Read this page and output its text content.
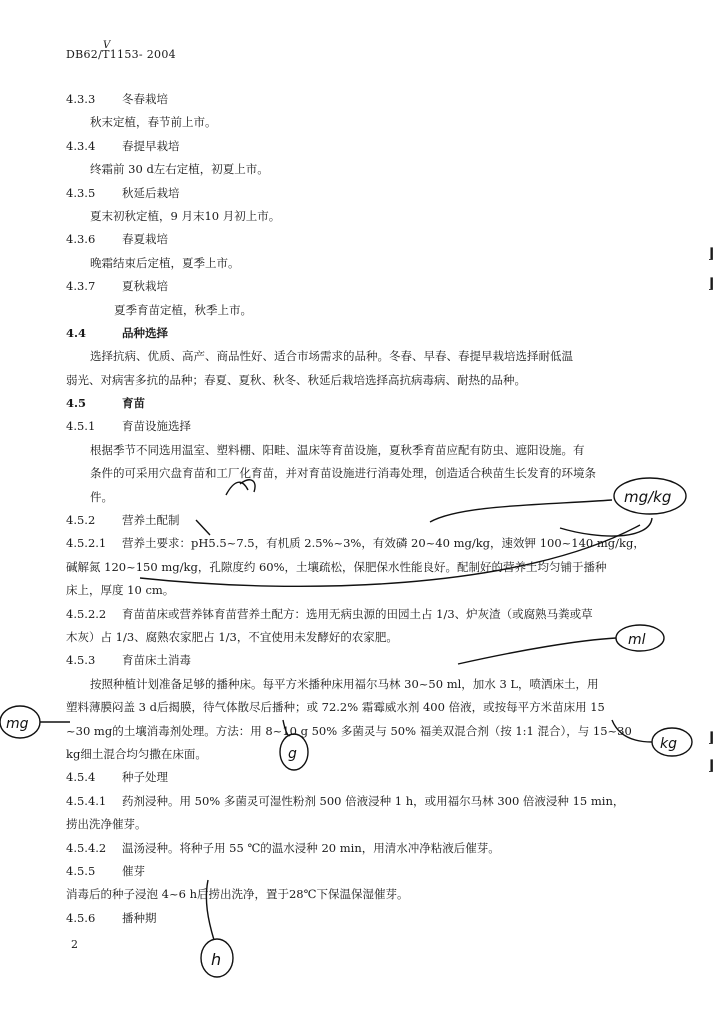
DB62/T1153- 2004
V
4.3.3 冬春栽培
秋末定植，春节前上市。
4.3.4 春提早栽培
终霜前 30 d左右定植，初夏上市。
4.3.5 秋延后栽培
夏末初秋定植，9 月末10 月初上市。
4.3.6 春夏栽培
晚霜结束后定植，夏季上市。
4.3.7 夏秋栽培
夏季育苗定植，秋季上市。
4.4	品种选择
选择抗病、优质、高产、商品性好、适合市场需求的品种。冬春、早春、春提早栽培选择耐低温
弱光、对病害多抗的品种；春夏、夏秋、秋冬、秋延后栽培选择高抗病毒病、耐热的品种。
4.5	育苗
4.5.1 育苗设施选择
根据季节不同选用温室、塑料棚、阳畦、温床等育苗设施，夏秋季育苗应配有防虫、遮阳设施。有
条件的可采用穴盘育苗和工厂化育苗，并对育苗设施进行消毒处理，创造适合秧苗生长发育的环境条
件。
4.5.2 营养土配制
4.5.2.1 营养土要求：pH5.5~7.5，有机质 2.5%~3%，有效磷 20~40 mg/kg，速效钾 100~140 mg/kg，
碱解氮 120~150 mg/kg，孔隙度约 60%，土壤疏松，保肥保水性能良好。配制好的营养土均匀铺于播种
床上，厚度 10 cm。
4.5.2.2 育苗苗床或营养钵育苗营养土配方：选用无病虫源的田园土占 1/3、炉灰渣（或腐熟马粪或草
木灰）占 1/3、腐熟农家肥占 1/3，不宜使用未发酵好的农家肥。
4.5.3 育苗床土消毒
按照种植计划准备足够的播种床。每平方米播种床用福尔马林 30~50 ml，加水 3 L，喷洒床土，用
塑料薄膜闷盖 3 d后揭膜，待气体散尽后播种；或 72.2% 霜霉威水剂 400 倍液，或按每平方米苗床用 15
~30 mg的土壤消毒剂处理。方法：用 8~10 g 50% 多菌灵与 50% 福美双混合剂（按 1:1 混合），与 15~30
kg细土混合均匀撒在床面。
4.5.4 种子处理
4.5.4.1 药剂浸种。用 50% 多菌灵可湿性粉剂 500 倍液浸种 1 h，或用福尔马林 300 倍液浸种 15 min，
捞出洗净催芽。
4.5.4.2 温汤浸种。将种子用 55 ℃的温水浸种 20 min，用清水冲净粘液后催芽。
4.5.5 催芽
消毒后的种子浸泡 4~6 h后捞出洗净，置于28℃下保温保湿催芽。
4.5.6 播种期
⌋
⌋
⌋
⌋
2
mg/kg
ml
mg
g
kg
h
